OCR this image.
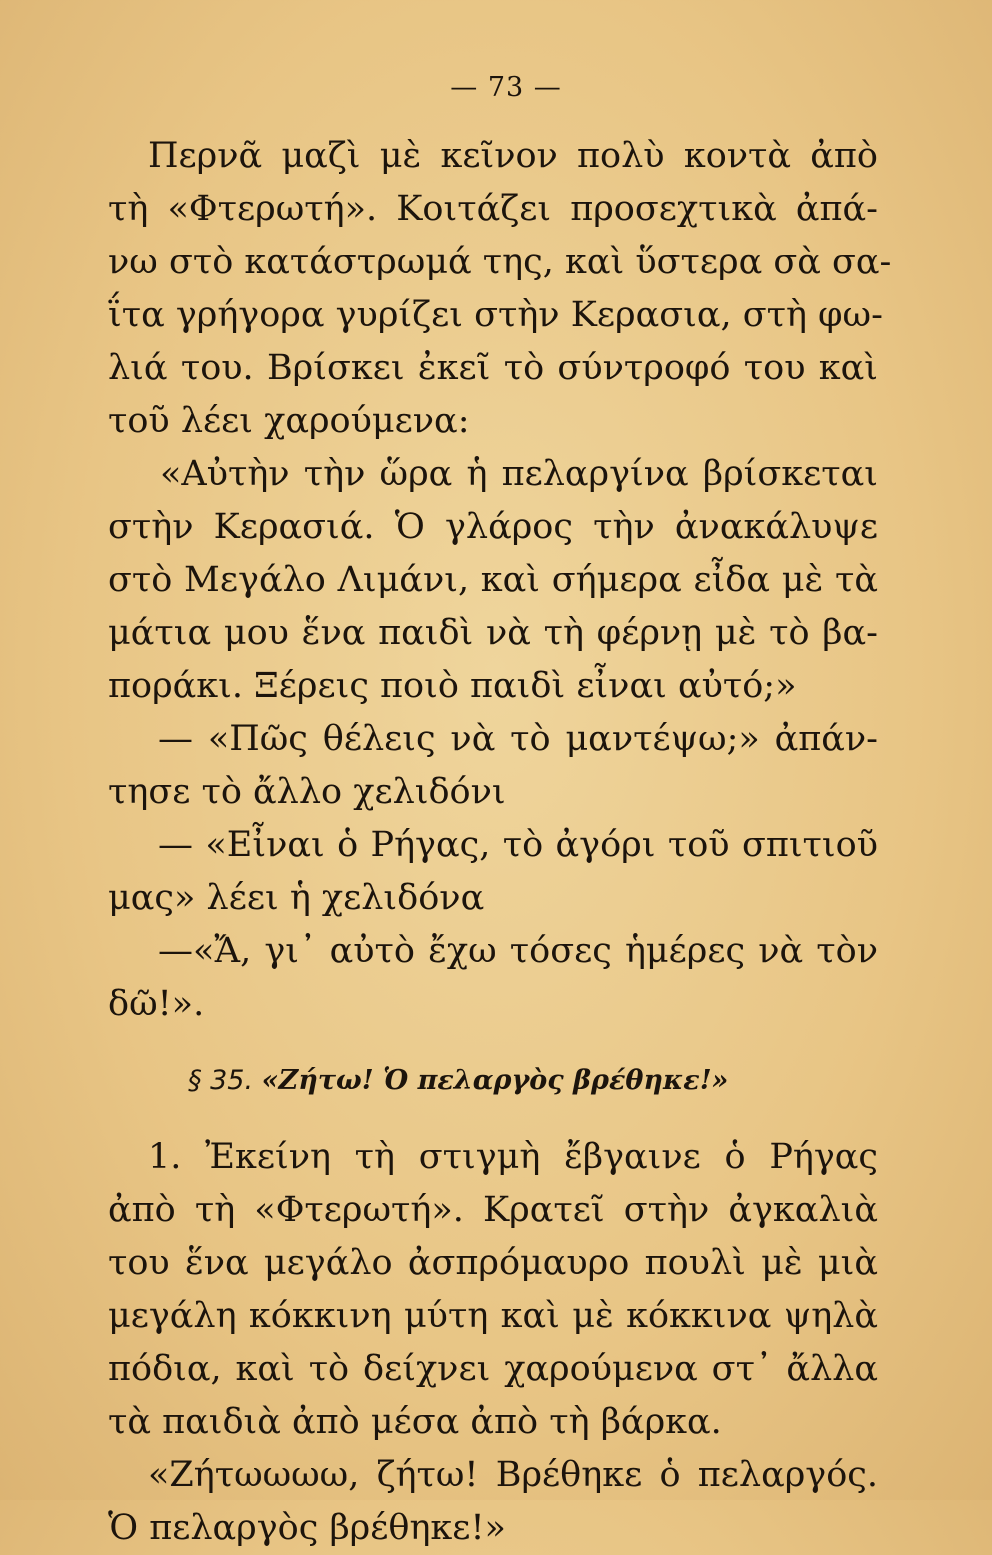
— 73 —
Περνᾶ μαζὶ μὲ κεῖνον πολὺ κοντὰ ἀπὸ
τὴ «Φτερωτή». Κοιτάζει προσεχτικὰ ἀπά-
νω στὸ κατάστρωμά της, καὶ ὕστερα σὰ σα-
ΐτα γρήγορα γυρίζει στὴν Κερασια, στὴ φω-
λιά του. Βρίσκει ἐκεῖ τὸ σύντροφό του καὶ
τοῦ λέει χαρούμενα:
«Αὐτὴν τὴν ὥρα ἡ πελαργίνα βρίσκεται
στὴν Κερασιά. Ὁ γλάρος τὴν ἀνακάλυψε
στὸ Μεγάλο Λιμάνι, καὶ σήμερα εἶδα μὲ τὰ
μάτια μου ἕνα παιδὶ νὰ τὴ φέρνῃ μὲ τὸ βα-
ποράκι. Ξέρεις ποιὸ παιδὶ εἶναι αὐτό;»
— «Πῶς θέλεις νὰ τὸ μαντέψω;» ἀπάν-
τησε τὸ ἄλλο χελιδόνι
— «Εἶναι ὁ Ρήγας, τὸ ἀγόρι τοῦ σπιτιοῦ
μας» λέει ἡ χελιδόνα
—«Ἄ, γι᾽ αὐτὸ ἔχω τόσες ἡμέρες νὰ τὸν
δῶ!».
§ 35. «Ζήτω! Ὁ πελαργὸς βρέθηκε!»
1. Ἐκείνη τὴ στιγμὴ ἔβγαινε ὁ Ρήγας
ἀπὸ τὴ «Φτερωτή». Κρατεῖ στὴν ἀγκαλιὰ
του ἕνα μεγάλο ἀσπρόμαυρο πουλὶ μὲ μιὰ
μεγάλη κόκκινη μύτη καὶ μὲ κόκκινα ψηλὰ
πόδια, καὶ τὸ δείχνει χαρούμενα στ᾽ ἄλλα
τὰ παιδιὰ ἀπὸ μέσα ἀπὸ τὴ βάρκα.
«Ζήτωωωω, ζήτω! Βρέθηκε ὁ πελαργός.
Ὁ πελαργὸς βρέθηκε!»
